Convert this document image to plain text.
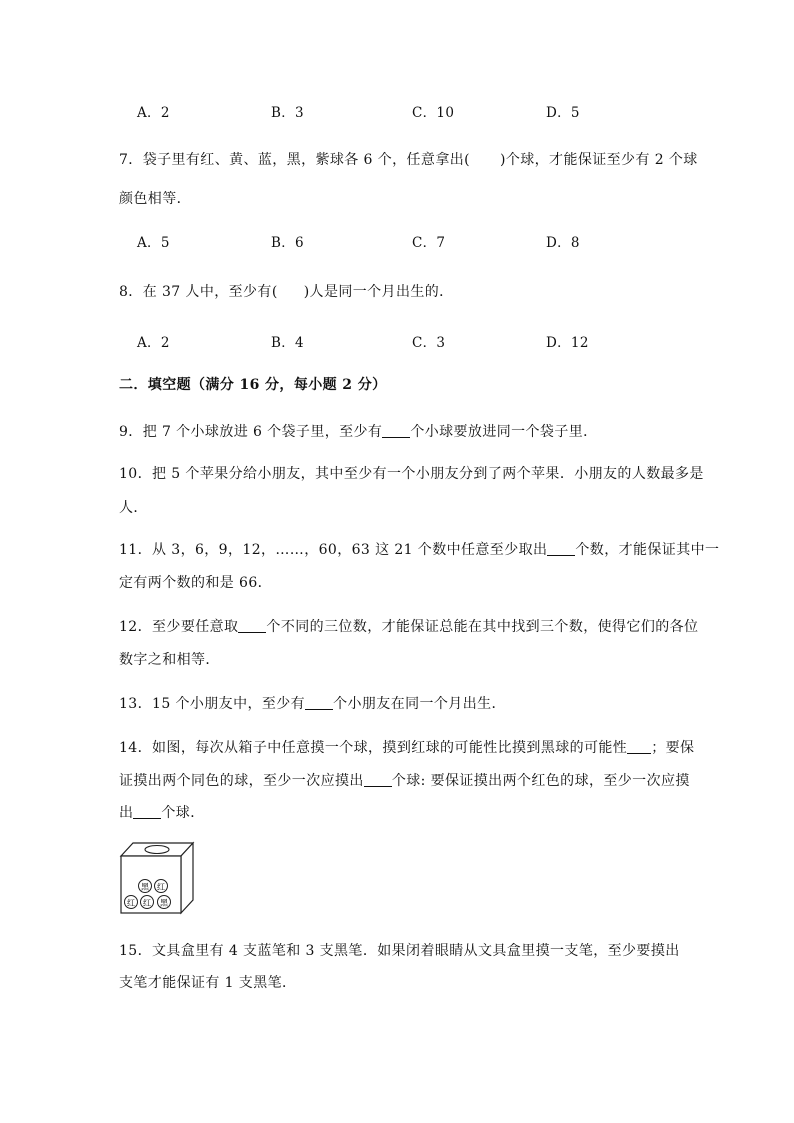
A．2	B．3	C．10	D．5
7．袋子里有红、黄、蓝，黑，紫球各 6 个，任意拿出( )个球，才能保证至少有 2 个球
颜色相等．
A．5	B．6	C．7	D．8
8．在 37 人中，至少有( )人是同一个月出生的．
A．2	B．4	C．3	D．12
二．填空题（满分 16 分，每小题 2 分）
9．把 7 个小球放进 6 个袋子里，至少有 个小球要放进同一个袋子里．
10．把 5 个苹果分给小朋友，其中至少有一个小朋友分到了两个苹果．小朋友的人数最多是
人．
11．从 3，6，9，12，……，60，63 这 21 个数中任意至少取出 个数，才能保证其中一
定有两个数的和是 66．
12．至少要任意取 个不同的三位数，才能保证总能在其中找到三个数，使得它们的各位
数字之和相等．
13．15 个小朋友中，至少有 个小朋友在同一个月出生．
14．如图，每次从箱子中任意摸一个球，摸到红球的可能性比摸到黑球的可能性 ；要保
证摸出两个同色的球，至少一次应摸出 个球: 要保证摸出两个红色的球，至少一次应摸
出 个球．
黑 红
红 红 黑
15．文具盒里有 4 支蓝笔和 3 支黑笔．如果闭着眼睛从文具盒里摸一支笔，至少要摸出
支笔才能保证有 1 支黑笔．
